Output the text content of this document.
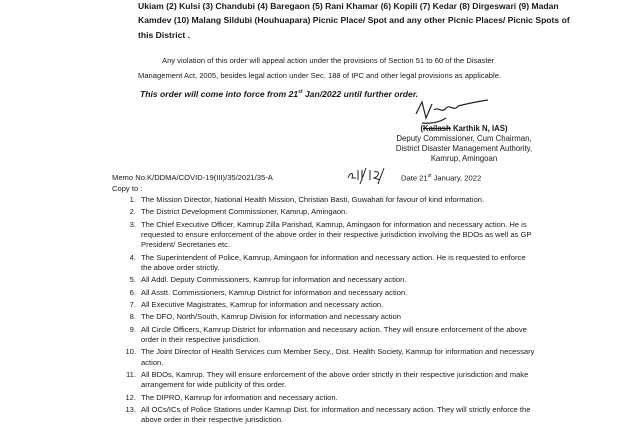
Ukiam (2) Kulsi (3) Chandubi (4) Baregaon (5) Rani Khamar (6) Kopili (7) Kedar (8) Dirgeswari (9) Madan
Kamdev (10) Malang Sildubi (Houhuapara) Picnic Place/ Spot and any other Picnic Places/ Picnic Spots of
this District .
Any violation of this order will appeal action under the provisions of Section 51 to 60 of the Disaster
Management Act, 2005, besides legal action under Sec. 188 of IPC and other legal provisions as applicable.
This order will come into force from 21st Jan/2022 until further order.
(Kailash Karthik N, IAS)
Deputy Commissioner, Cum Chairman,
District Disaster Management Authority,
Kamrup, Amingoan
Memo No.K/DDMA/COVID-19(III)/35/2021/35-A	Date 21st January, 2022
Copy to :
1. The Mission Director, National Health Mission, Christian Basti, Guwahati for favour of kind information.
2. The District Development Commissioner, Kamrup, Amingaon.
3. The Chief Executive Officer, Kamrup Zilla Parishad, Kamrup, Amingaon for information and necessary action. He is requested to ensure enforcement of the above order in their respective jurisdiction involving the BDOs as well as GP President/ Secretaries etc.
4. The Superintendent of Police, Kamrup, Amingaon for information and necessary action. He is requested to enforce the above order strictly.
5. All Addl. Deputy Commissioners, Kamrup for information and necessary action.
6. All Asstt. Commissioners, Kamrup District for information and necessary action.
7. All Executive Magistrates, Kamrup for information and necessary action.
8. The DFO, North/South, Kamrup Division for information and necessary action
9. All Circle Officers, Kamrup District for information and necessary action. They will ensure enforcement of the above order in their respective jurisdiction.
10. The Joint Director of Health Services cum Member Secy., Dist. Health Society, Kamrup for information and necessary action.
11. All BDOs, Kamrup. They will ensure enforcement of the above order strictly in their respective jurisdiction and make arrangement for wide publicity of this order.
12. The DIPRO, Kamrup for information and necessary action.
13. All OCs/ICs of Police Stations under Kamrup Dist. for information and necessary action. They will strictly enforce the above order in their respective jurisdiction.
